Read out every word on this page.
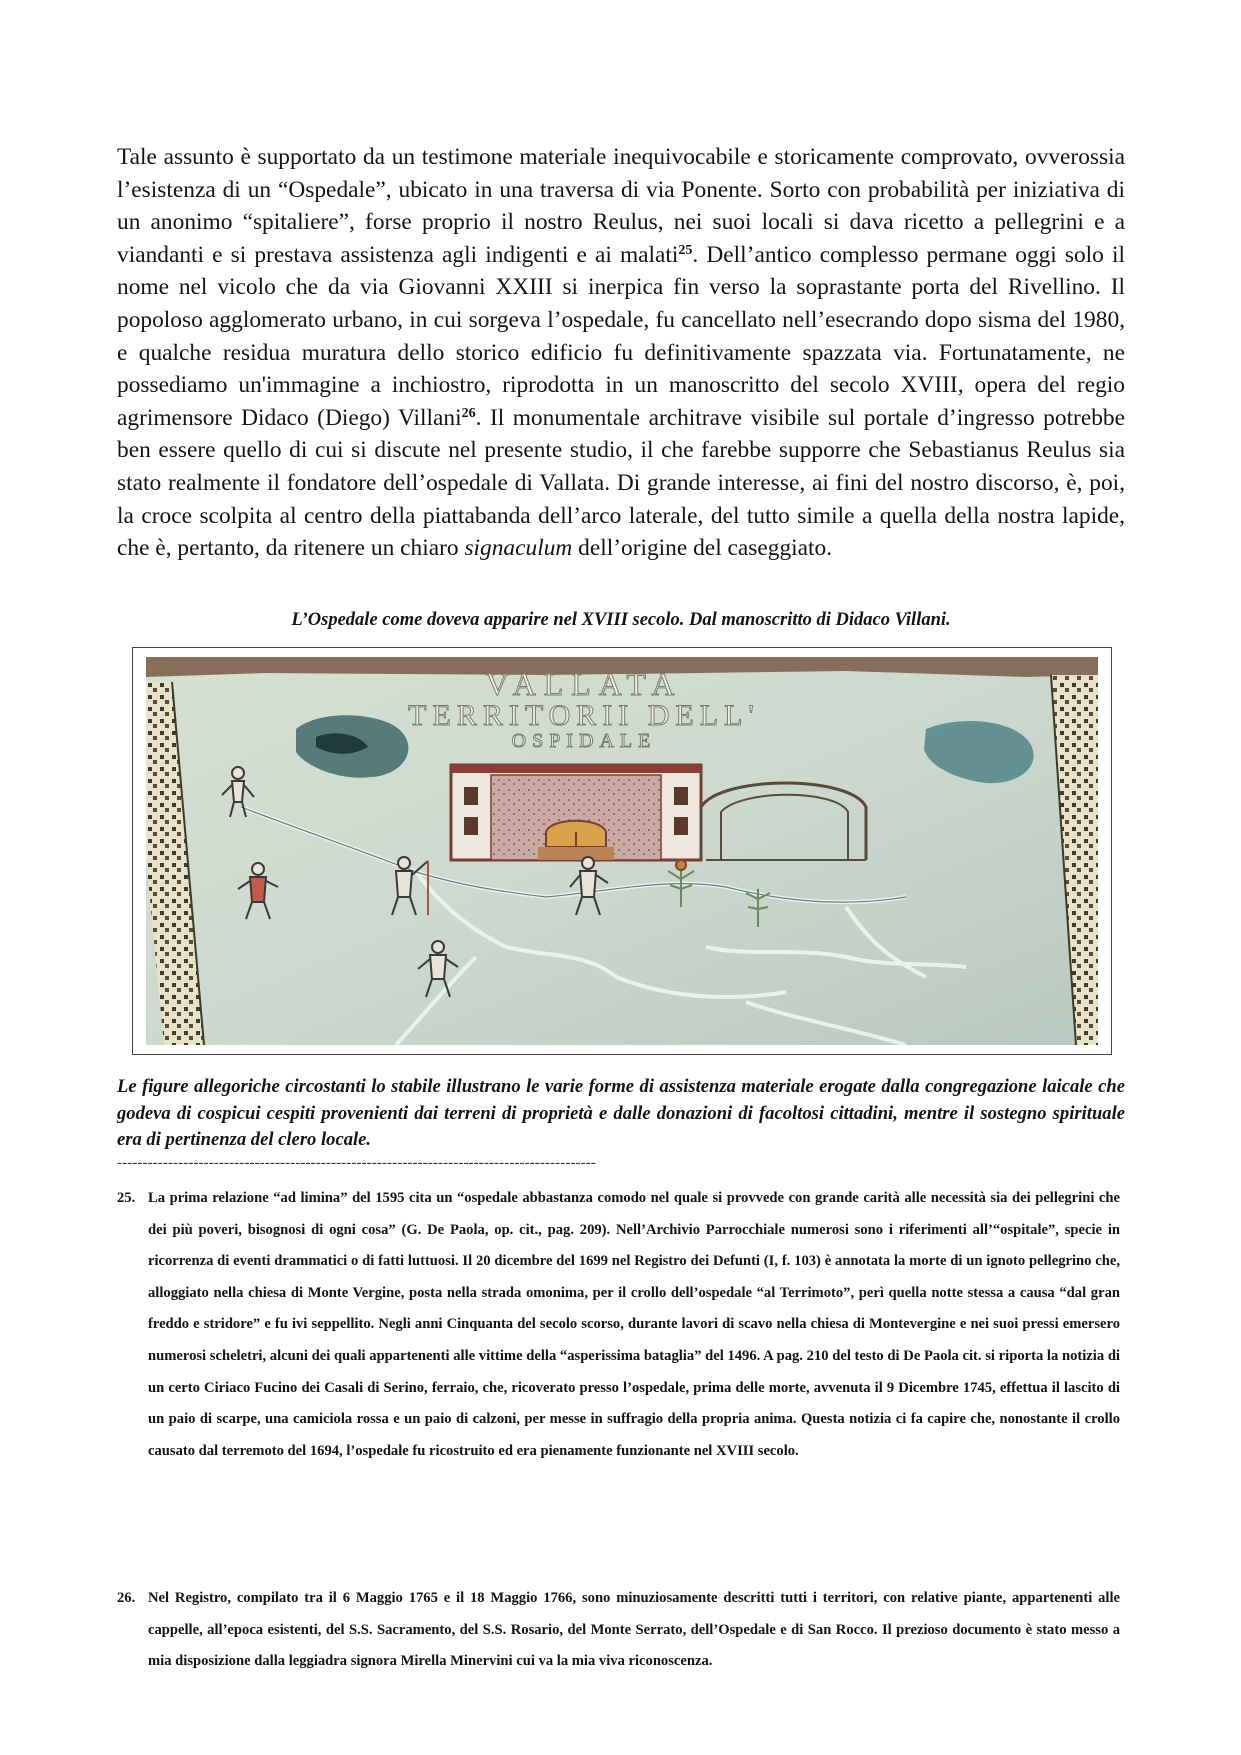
Tale assunto è supportato da un testimone materiale inequivocabile e storicamente comprovato, ovverossia l’esistenza di un “Ospedale”, ubicato in una traversa di via Ponente. Sorto con probabilità per iniziativa di un anonimo “spitaliere”, forse proprio il nostro Reulus, nei suoi locali si dava ricetto a pellegrini e a viandanti e si prestava assistenza agli indigenti e ai malati$^{25}$. Dell’antico complesso permane oggi solo il nome nel vicolo che da via Giovanni XXIII si inerpica fin verso la soprastante porta del Rivellino. Il popoloso agglomerato urbano, in cui sorgeva l’ospedale, fu cancellato nell’esecrando dopo sisma del 1980, e qualche residua muratura dello storico edificio fu definitivamente spazzata via. Fortunatamente, ne possediamo un'immagine a inchiostro, riprodotta in un manoscritto del secolo XVIII, opera del regio agrimensore Didaco (Diego) Villani$^{26}$. Il monumentale architrave visibile sul portale d’ingresso potrebbe ben essere quello di cui si discute nel presente studio, il che farebbe supporre che Sebastianus Reulus sia stato realmente il fondatore dell’ospedale di Vallata. Di grande interesse, ai fini del nostro discorso, è, poi, la croce scolpita al centro della piattabanda dell’arco laterale, del tutto simile a quella della nostra lapide, che è, pertanto, da ritenere un chiaro signaculum dell’origine del caseggiato.

L’Ospedale come doveva apparire nel XVIII secolo. Dal manoscritto di Didaco Villani.

VALLATA
TERRITORII DELL'
OSPIDALE

Le figure allegoriche circostanti lo stabile illustrano le varie forme di assistenza materiale erogate dalla congregazione laicale che godeva di cospicui cespiti provenienti dai terreni di proprietà e dalle donazioni di facoltosi cittadini, mentre il sostegno spirituale era di pertinenza del clero locale.

----------------------------------------------------------------------------------------------
25. La prima relazione “ad limina” del 1595 cita un “ospedale abbastanza comodo nel quale si provvede con grande carità alle necessità sia dei pellegrini che dei più poveri, bisognosi di ogni cosa” (G. De Paola, op. cit., pag. 209). Nell’Archivio Parrocchiale numerosi sono i riferimenti all’“ospitale”, specie in ricorrenza di eventi drammatici o di fatti luttuosi. Il 20 dicembre del 1699 nel Registro dei Defunti (I, f. 103) è annotata la morte di un ignoto pellegrino che, alloggiato nella chiesa di Monte Vergine, posta nella strada omonima, per il crollo dell’ospedale “al Terrimoto”, perì quella notte stessa a causa “dal gran freddo e stridore” e fu ivi seppellito. Negli anni Cinquanta del secolo scorso, durante lavori di scavo nella chiesa di Montevergine e nei suoi pressi emersero numerosi scheletri, alcuni dei quali appartenenti alle vittime della “asperissima bataglia” del 1496. A pag. 210 del testo di De Paola cit. si riporta la notizia di un certo Ciriaco Fucino dei Casali di Serino, ferraio, che, ricoverato presso l’ospedale, prima delle morte, avvenuta il 9 Dicembre 1745, effettua il lascito di un paio di scarpe, una camiciola rossa e un paio di calzoni, per messe in suffragio della propria anima. Questa notizia ci fa capire che, nonostante il crollo causato dal terremoto del 1694, l’ospedale fu ricostruito ed era pienamente funzionante nel XVIII secolo.
26. Nel Registro, compilato tra il 6 Maggio 1765 e il 18 Maggio 1766, sono minuziosamente descritti tutti i territori, con relative piante, appartenenti alle cappelle, all’epoca esistenti, del S.S. Sacramento, del S.S. Rosario, del Monte Serrato, dell’Ospedale e di San Rocco. Il prezioso documento è stato messo a mia disposizione dalla leggiadra signora Mirella Minervini cui va la mia viva riconoscenza.
